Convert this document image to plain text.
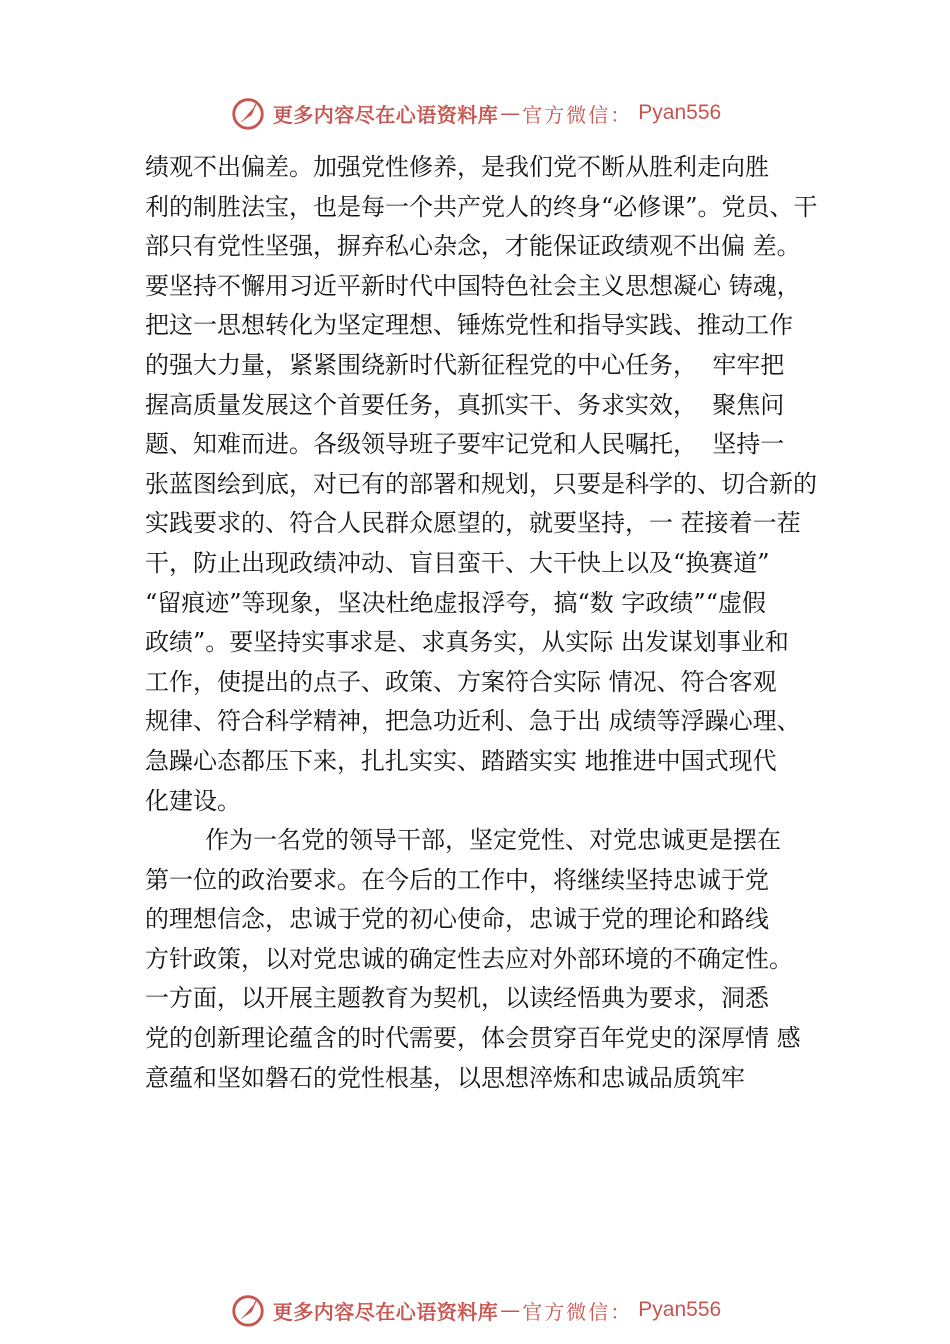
更多内容尽在心语资料库 — 官方微信： Pyan556
绩观不出偏差。加强党性修养，是我们党不断从胜利走向胜
利的制胜法宝，也是每一个共产党人的终身“必修课”。党员、干
部只有党性坚强，摒弃私心杂念，才能保证政绩观不出偏 差。
要坚持不懈用习近平新时代中国特色社会主义思想凝心 铸魂，
把这一思想转化为坚定理想、锤炼党性和指导实践、推动工作
的强大力量，紧紧围绕新时代新征程党的中心任务，  牢牢把
握高质量发展这个首要任务，真抓实干、务求实效，  聚焦问
题、知难而进。各级领导班子要牢记党和人民嘱托，  坚持一
张蓝图绘到底，对已有的部署和规划，只要是科学的、切合新的
实践要求的、符合人民群众愿望的，就要坚持，一 茬接着一茬
干，防止出现政绩冲动、盲目蛮干、大干快上以及“换赛道”
“留痕迹”等现象，坚决杜绝虚报浮夸，搞“数 字政绩”“虚假
政绩”。要坚持实事求是、求真务实，从实际 出发谋划事业和
工作，使提出的点子、政策、方案符合实际 情况、符合客观
规律、符合科学精神，把急功近利、急于出 成绩等浮躁心理、
急躁心态都压下来，扎扎实实、踏踏实实 地推进中国式现代
化建设。
作为一名党的领导干部，坚定党性、对党忠诚更是摆在
第一位的政治要求。在今后的工作中，将继续坚持忠诚于党
的理想信念，忠诚于党的初心使命，忠诚于党的理论和路线
方针政策，以对党忠诚的确定性去应对外部环境的不确定性。
一方面，以开展主题教育为契机，以读经悟典为要求，洞悉
党的创新理论蕴含的时代需要，体会贯穿百年党史的深厚情 感
意蕴和坚如磐石的党性根基，以思想淬炼和忠诚品质筑牢
更多内容尽在心语资料库 — 官方微信： Pyan556
